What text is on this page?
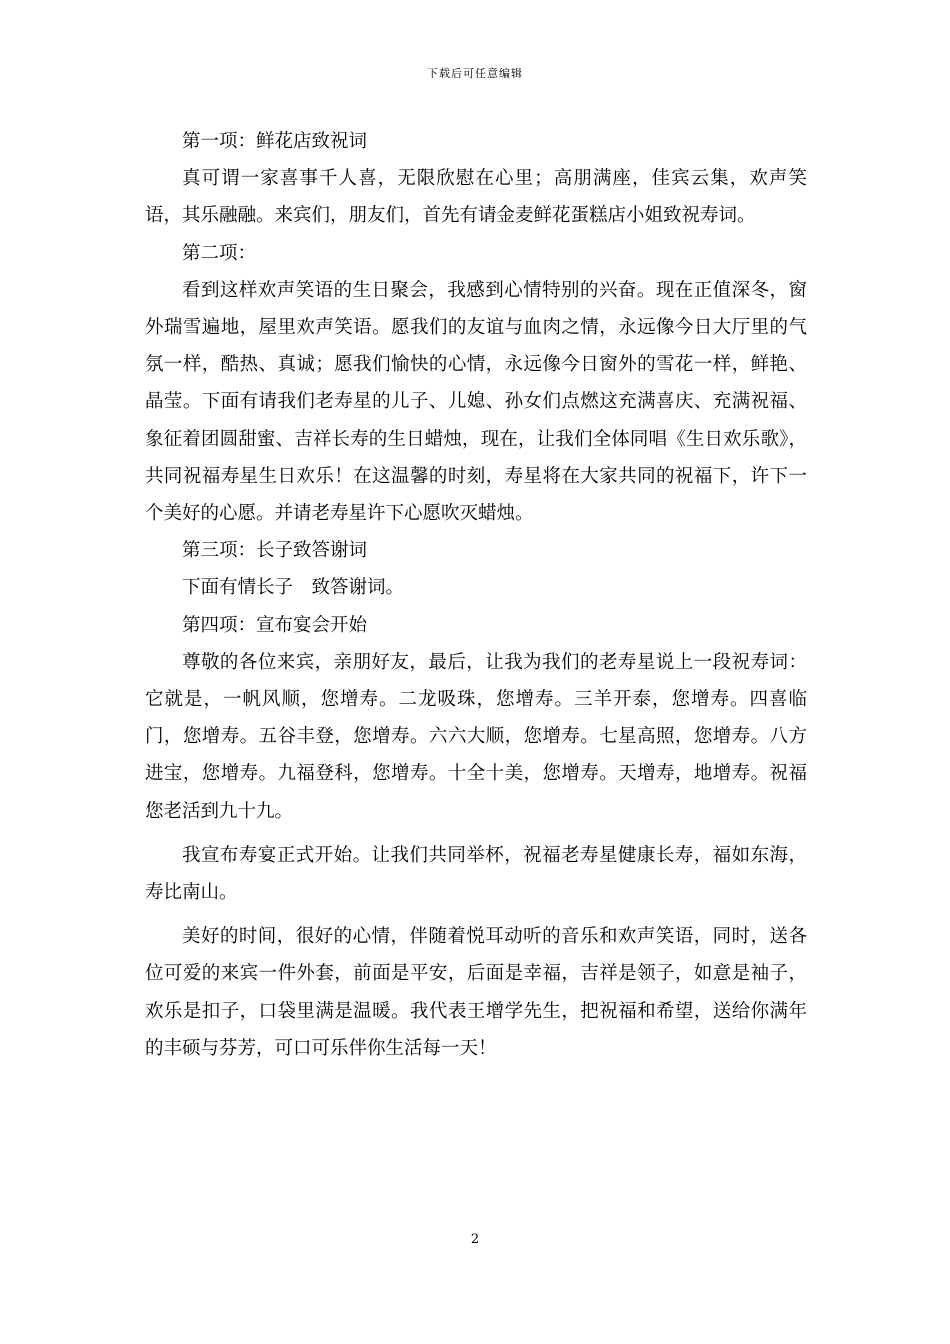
下载后可任意编辑

第一项：鲜花店致祝词

真可谓一家喜事千人喜，无限欣慰在心里；高朋满座，佳宾云集，欢声笑语，其乐融融。来宾们，朋友们，首先有请金麦鲜花蛋糕店小姐致祝寿词。

第二项：

看到这样欢声笑语的生日聚会，我感到心情特别的兴奋。现在正值深冬，窗外瑞雪遍地，屋里欢声笑语。愿我们的友谊与血肉之情，永远像今日大厅里的气氛一样，酷热、真诚；愿我们愉快的心情，永远像今日窗外的雪花一样，鲜艳、晶莹。下面有请我们老寿星的儿子、儿媳、孙女们点燃这充满喜庆、充满祝福、象征着团圆甜蜜、吉祥长寿的生日蜡烛，现在，让我们全体同唱《生日欢乐歌》，共同祝福寿星生日欢乐！在这温馨的时刻，寿星将在大家共同的祝福下，许下一个美好的心愿。并请老寿星许下心愿吹灭蜡烛。

第三项：长子致答谢词

下面有情长子　致答谢词。

第四项：宣布宴会开始

尊敬的各位来宾，亲朋好友，最后，让我为我们的老寿星说上一段祝寿词：它就是，一帆风顺，您增寿。二龙吸珠，您增寿。三羊开泰，您增寿。四喜临门，您增寿。五谷丰登，您增寿。六六大顺，您增寿。七星高照，您增寿。八方进宝，您增寿。九福登科，您增寿。十全十美，您增寿。天增寿，地增寿。祝福您老活到九十九。

我宣布寿宴正式开始。让我们共同举杯，祝福老寿星健康长寿，福如东海，寿比南山。

美好的时间，很好的心情，伴随着悦耳动听的音乐和欢声笑语，同时，送各位可爱的来宾一件外套，前面是平安，后面是幸福，吉祥是领子，如意是袖子，欢乐是扣子，口袋里满是温暖。我代表王增学先生，把祝福和希望，送给你满年的丰硕与芬芳，可口可乐伴你生活每一天！

2
